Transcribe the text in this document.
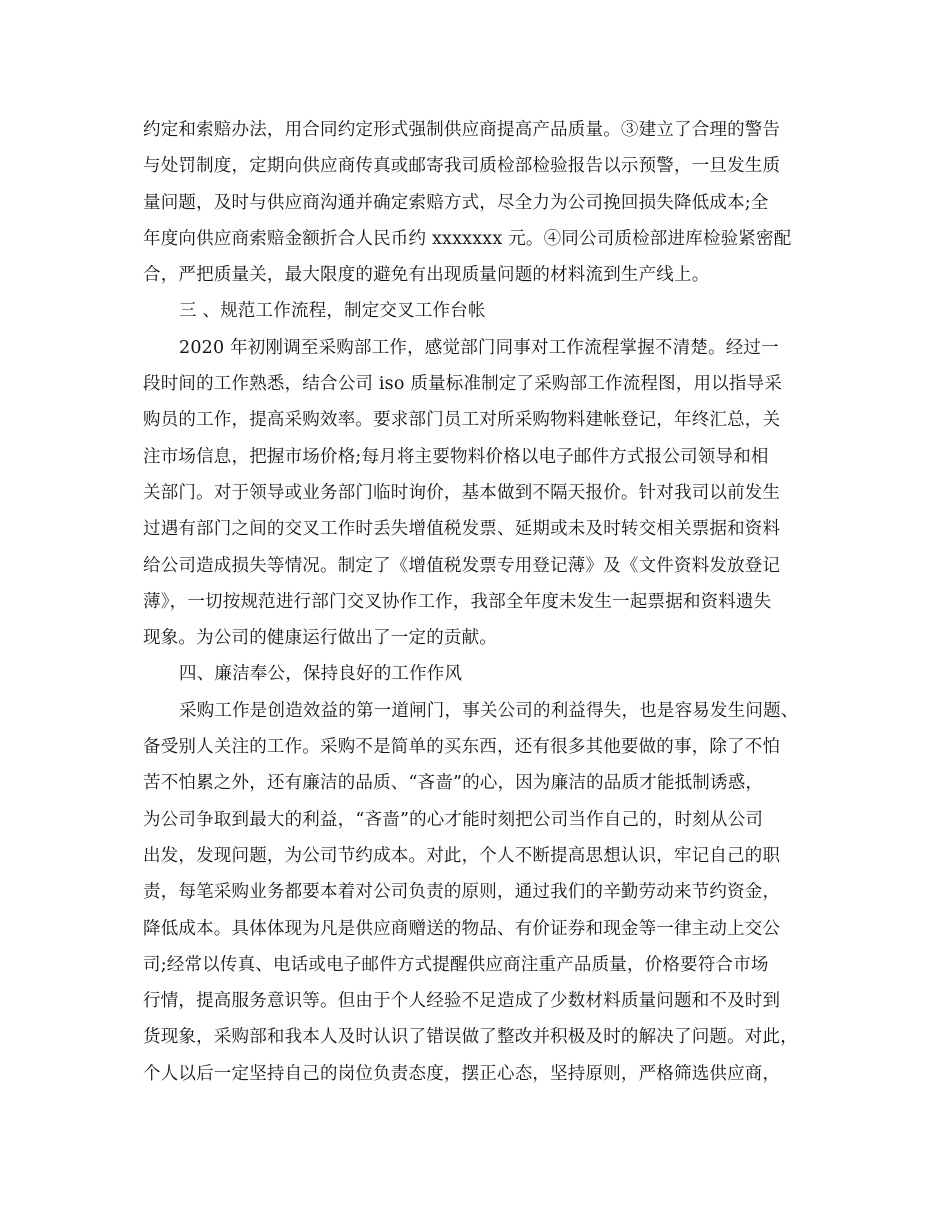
约定和索赔办法，用合同约定形式强制供应商提高产品质量。③建立了合理的警告
与处罚制度，定期向供应商传真或邮寄我司质检部检验报告以示预警，一旦发生质
量问题，及时与供应商沟通并确定索赔方式，尽全力为公司挽回损失降低成本;全
年度向供应商索赔金额折合人民币约 xxxxxxx 元。④同公司质检部进库检验紧密配
合，严把质量关，最大限度的避免有出现质量问题的材料流到生产线上。
三 、规范工作流程，制定交叉工作台帐
2020 年初刚调至采购部工作，感觉部门同事对工作流程掌握不清楚。经过一
段时间的工作熟悉，结合公司 iso 质量标准制定了采购部工作流程图，用以指导采
购员的工作，提高采购效率。要求部门员工对所采购物料建帐登记，年终汇总，关
注市场信息，把握市场价格;每月将主要物料价格以电子邮件方式报公司领导和相
关部门。对于领导或业务部门临时询价，基本做到不隔天报价。针对我司以前发生
过遇有部门之间的交叉工作时丢失增值税发票、延期或未及时转交相关票据和资料
给公司造成损失等情况。制定了《增值税发票专用登记薄》及《文件资料发放登记
薄》，一切按规范进行部门交叉协作工作，我部全年度未发生一起票据和资料遗失
现象。为公司的健康运行做出了一定的贡献。
四、廉洁奉公，保持良好的工作作风
采购工作是创造效益的第一道闸门，事关公司的利益得失，也是容易发生问题、
备受别人关注的工作。采购不是简单的买东西，还有很多其他要做的事，除了不怕
苦不怕累之外，还有廉洁的品质、“吝啬”的心，因为廉洁的品质才能抵制诱惑，
为公司争取到最大的利益，“吝啬”的心才能时刻把公司当作自己的，时刻从公司
出发，发现问题，为公司节约成本。对此，个人不断提高思想认识，牢记自己的职
责，每笔采购业务都要本着对公司负责的原则，通过我们的辛勤劳动来节约资金，
降低成本。具体体现为凡是供应商赠送的物品、有价证券和现金等一律主动上交公
司;经常以传真、电话或电子邮件方式提醒供应商注重产品质量，价格要符合市场
行情，提高服务意识等。但由于个人经验不足造成了少数材料质量问题和不及时到
货现象，采购部和我本人及时认识了错误做了整改并积极及时的解决了问题。对此，
个人以后一定坚持自己的岗位负责态度，摆正心态，坚持原则，严格筛选供应商，
